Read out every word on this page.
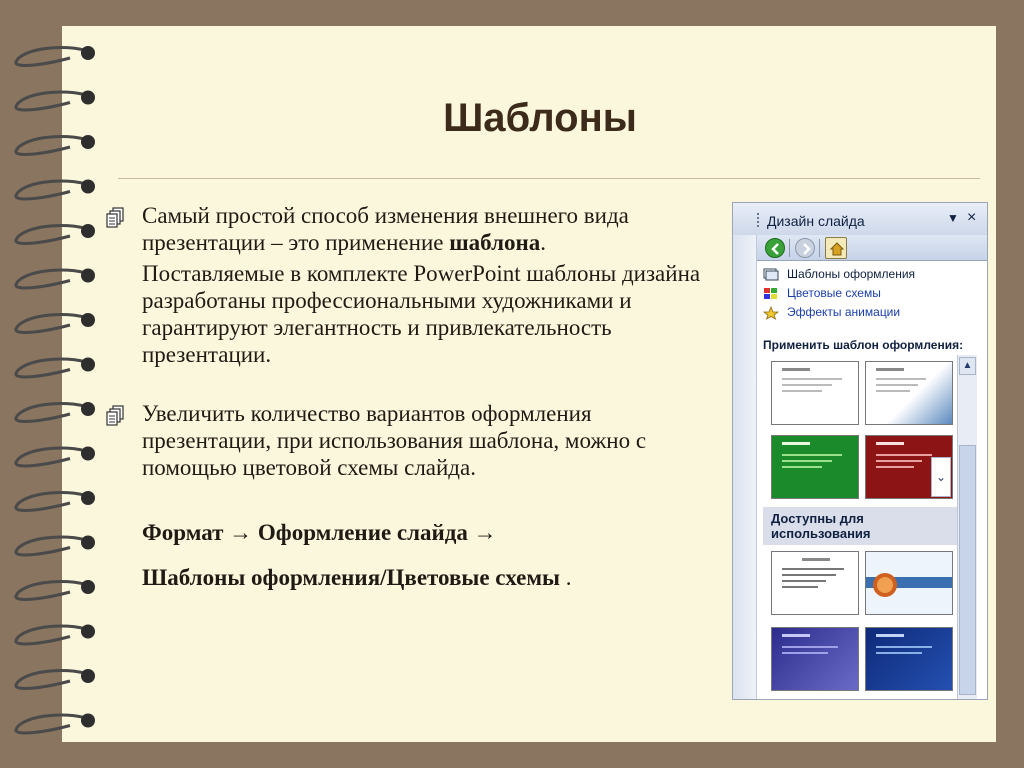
Шаблоны
Самый простой способ изменения внешнего вида презентации – это применение шаблона.
Поставляемые в комплекте PowerPoint шаблоны дизайна разработаны профессиональными художниками и гарантируют элегантность и привлекательность презентации.
Увеличить количество вариантов оформления презентации, при использования шаблона, можно с помощью цветовой схемы слайда.
Формат → Оформление слайда →
Шаблоны оформления/Цветовые схемы .
Дизайн слайда	▼ ×
Шаблоны оформления
Цветовые схемы
Эффекты анимации
Применить шаблон оформления:
Доступны для использования
⌄
▲
